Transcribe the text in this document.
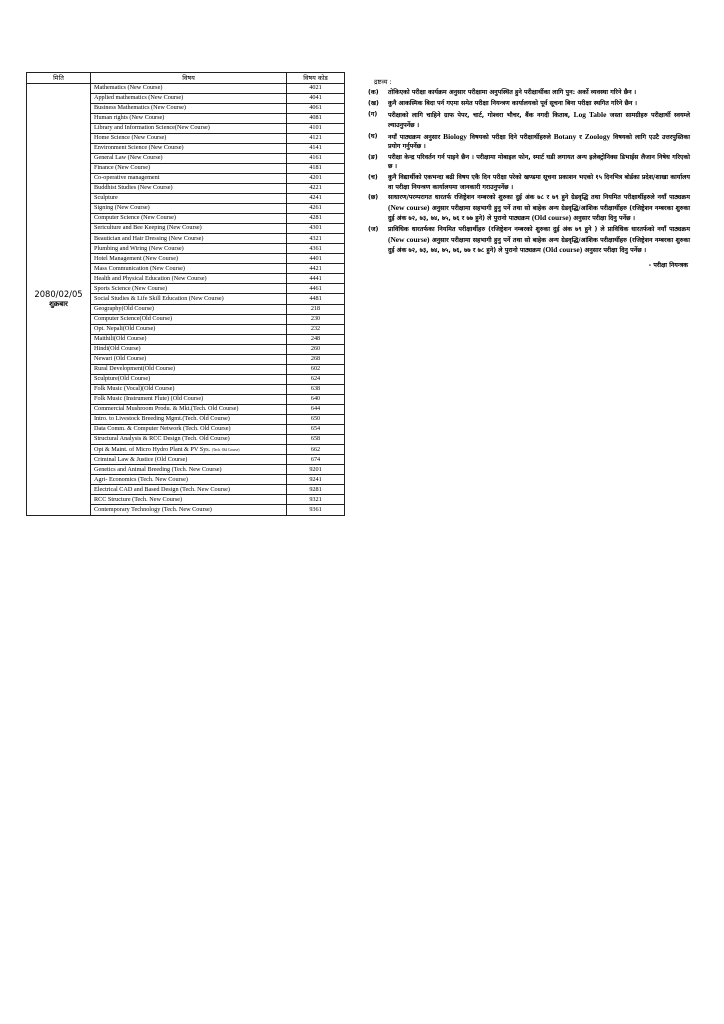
मिति	विषय	विषय कोड

2080/02/05
शुक्रबार	Mathematics (New Course)	4021
	Applied mathematics (New Course)	4041
	Business Mathematics (New Course)	4061
	Human rights (New Course)	4081
	Library and Information Science(New Course)	4101
	Home Science (New Course)	4121
	Environment Science (New Course)	4141
	General Law (New Course)	4161
	Finance (New Course)	4181
	Co-operative management	4201
	Buddhist Studies (New Course)	4221
	Sculpture	4241
	Signing (New Course)	4261
	Computer Science (New Course)	4281
	Sericulture and Bee Keeping (New Course)	4301
	Beautician and Hair Dressing (New Course)	4321
	Plumbing and Wiring (New Course)	4361
	Hotel Management (New Course)	4401
	Mass Communication (New Course)	4421
	Health and Physical Education (New Course)	4441
	Sports Science (New Course)	4461
	Social Studies & Life Skill Education (New Course)	4481
	Geography(Old Course)	218
	Computer Science(Old Course)	230
	Opt. Nepali(Old Course)	232
	Maithili(Old Course)	248
	Hindi(Old Course)	260
	Newari (Old Course)	268
	Rural Development(Old Course)	602
	Sculpture(Old Course)	624
	Folk Music (Vocal)(Old Course)	638
	Folk Music (Instrument Flute) (Old Course)	640
	Commercial Mushroom Produ. & Mkt.(Tech. Old Course)	644
	Intro. to Livestock Breeding Mgmt.(Tech. Old Course)	650
	Data Comm. & Computer Network (Tech. Old Course)	654
	Structural Analysis & RCC Design (Tech. Old Course)	658
	Opt & Maint. of Micro Hydro Plant & PV Sys. (Tech. Old Course)	662
	Criminal Law & Justice (Old Course)	674
	Genetics and Animal Breeding (Tech. New Course)	9201
	Agri- Economics (Tech. New Course)	9241
	Electrical CAD and Based Design (Tech. New Course)	9281
	RCC Structure (Tech. New Course)	9321
	Contemporary Technology (Tech. New Course)	9361
द्रष्टव्य :
(क)	तोकिएको परीक्षा कार्यक्रम अनुसार परीक्षामा अनुपस्थित हुने परीक्षार्थीका लागि पुन: अर्को व्यवस्था गरिने छैन ।
(ख)	कुनै आकस्मिक बिदा पर्न गएमा समेत परीक्षा नियन्त्रण कार्यालयको पूर्व सूचना बिना परीक्षा स्थगित गरिने छैन ।
(ग)	परीक्षाको लागि चाहिने ग्राफ पेपर, चार्ट, गोश्वरा भौचर, बैंक नगदी किताब, Log Table जस्ता सामग्रीहरु परीक्षार्थी स्वयम्ले ल्याउनुपर्नेछ ।
(घ)	नयाँ पाठ्यक्रम अनुसार Biology विषयको परीक्षा दिने परीक्षार्थीहरुले Botany र Zoology विषयको लागि एउटै उत्तरपुस्तिका प्रयोग गर्नुपर्नेछ ।
(ङ)	परीक्षा केन्द्र परिवर्तन गर्न पाइने छैन । परीक्षामा मोबाइल फोन, स्मार्ट घडी लगायत अन्य इलेक्ट्रोनिक्स डिभाईस लैजान निषेध गरिएको छ ।
(च)	कुनै विद्यार्थीको एकभन्दा बढी विषय एकै दिन परीक्षा परेको खण्डमा सूचना प्रकाशन भएको १५ दिनभित्र बोर्डका प्रदेश/शाखा कार्यालय वा परीक्षा नियन्त्रण कार्यालयमा जानकारी गराउनुपर्नेछ ।
(छ)	साधारण/परम्परागत धारतर्फ रजिष्ट्रेशन नम्बरको शुरुका दुई अंक ७८ र ७९ हुने ग्रेडवृद्धि तथा नियमित परीक्षार्थीहरुले नयाँ पाठ्यक्रम (New course) अनुसार परीक्षामा सहभागी हुनु पर्ने तथा सो बाहेक अन्य ग्रेडवृद्धि/आंशिक परीक्षार्थीहरु (रजिष्ट्रेशन नम्बरका शुरुका दुई अंक ७२, ७३, ७४, ७५, ७६ र ७७ हुने) ले पुरानो पाठ्यक्रम (Old course) अनुसार परीक्षा दिनु पर्नेछ ।
(ज)	प्राविधिक धारतर्फका नियमित परीक्षार्थीहरु (रजिष्ट्रेशन नम्बरको शुरुका दुई अंक ७९ हुने ) ले प्राविधिक धारतर्फको नयाँ पाठ्यक्रम (New course) अनुसार परीक्षामा सहभागी हुनु पर्ने तथा सो बाहेक अन्य ग्रेडवृद्धि/आंशिक परीक्षार्थीहरु (रजिष्ट्रेशन नम्बरका शुरुका दुई अंक ७२, ७३, ७४, ७५, ७६, ७७ र ७८ हुने) ले पुरानो पाठ्यक्रम (Old course) अनुसार परीक्षा दिनु पर्नेछ ।
- परीक्षा नियन्त्रक
